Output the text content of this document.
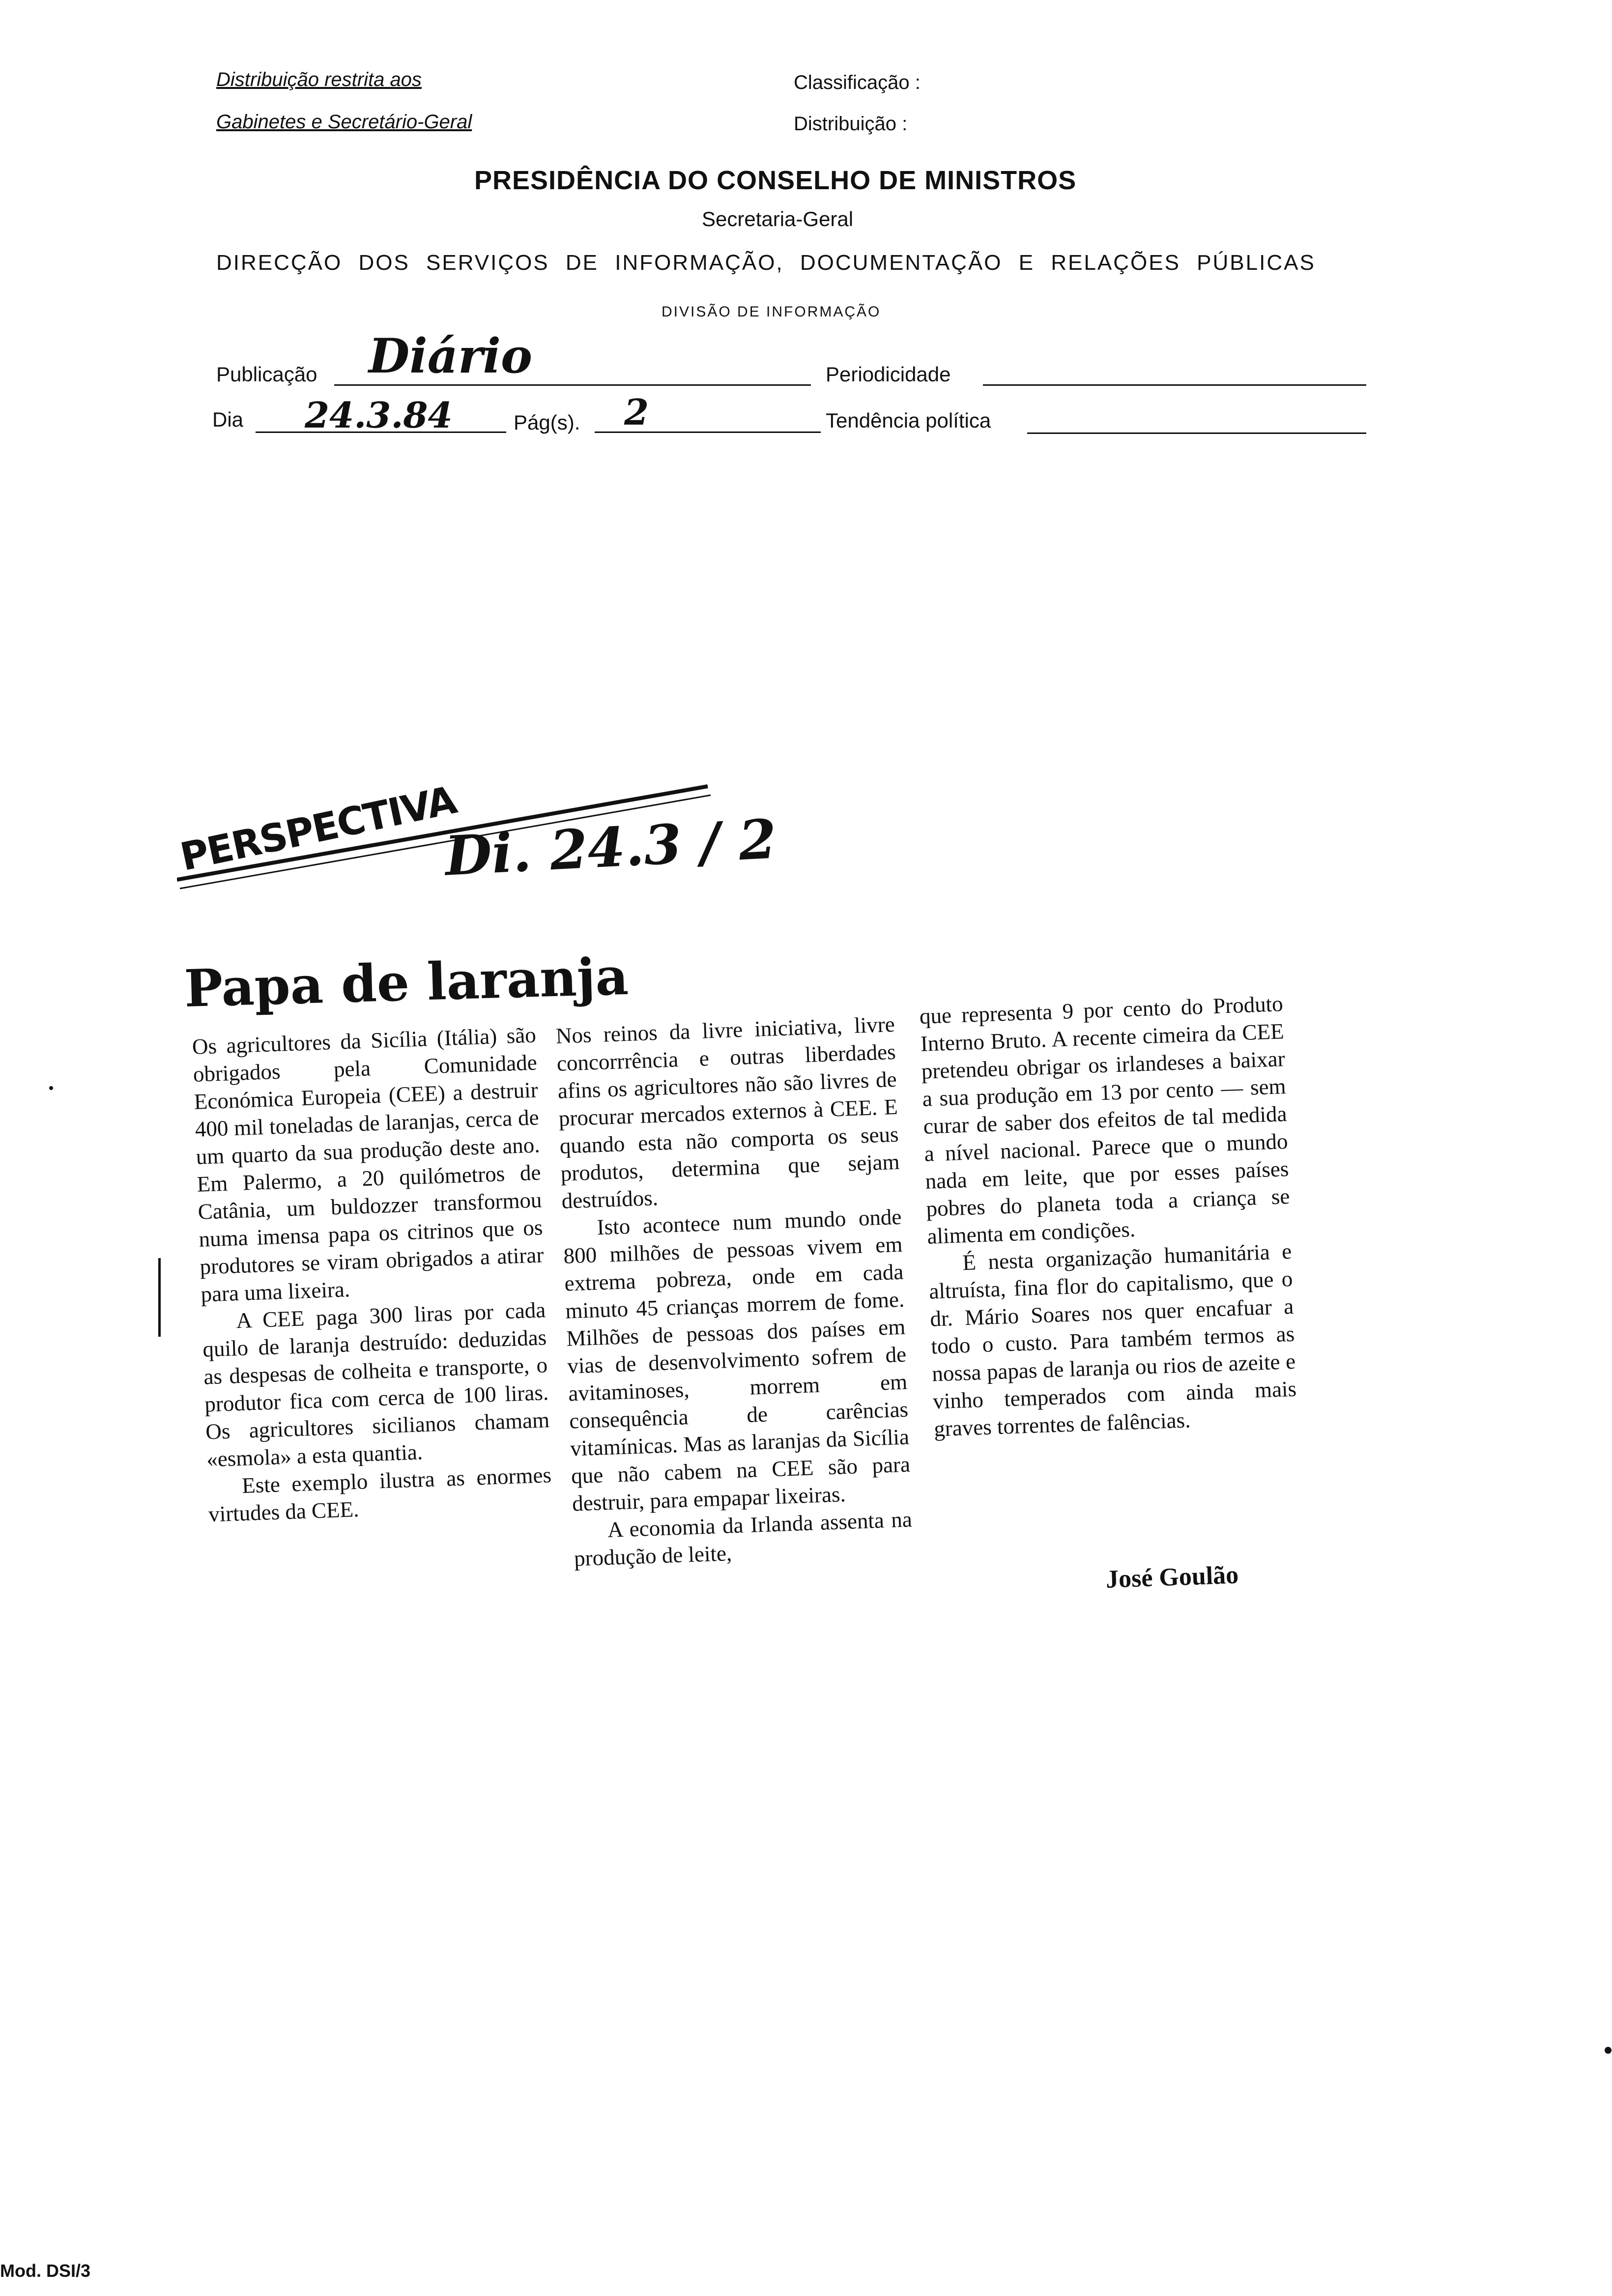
Distribuição restrita aos
Gabinetes e Secretário-Geral
Classificação :
Distribuição :
PRESIDÊNCIA DO CONSELHO DE MINISTROS
Secretaria-Geral
DIRECÇÃO DOS SERVIÇOS DE INFORMAÇÃO, DOCUMENTAÇÃO E RELAÇÕES PÚBLICAS
DIVISÃO DE INFORMAÇÃO
Publicação Diário	Periodicidade
Dia 24.3.84	Pág(s). 2	Tendência política
PERSPECTIVA
Di. 24.3 / 2
Papa de laranja

Os agricultores da Sicília (Itália) são obrigados pela Comunidade Económica Europeia (CEE) a destruir 400 mil toneladas de laranjas, cerca de um quarto da sua produção deste ano. Em Palermo, a 20 quilómetros de Catânia, um buldozzer transformou numa imensa papa os citrinos que os produtores se viram obrigados a atirar para uma lixeira.

A CEE paga 300 liras por cada quilo de laranja destruído: deduzidas as despesas de colheita e transporte, o produtor fica com cerca de 100 liras. Os agricultores sicilianos chamam «esmola» a esta quantia.

Este exemplo ilustra as enormes virtudes da CEE.

Nos reinos da livre iniciativa, livre concorrrência e outras liberdades afins os agricultores não são livres de procurar mercados externos à CEE. E quando esta não comporta os seus produtos, determina que sejam destruídos.

Isto acontece num mundo onde 800 milhões de pessoas vivem em extrema pobreza, onde em cada minuto 45 crianças morrem de fome. Milhões de pessoas dos países em vias de desenvolvimento sofrem de avitaminoses, morrem em consequência de carências vitamínicas. Mas as laranjas da Sicília que não cabem na CEE são para destruir, para empapar lixeiras.

A economia da Irlanda assenta na produção de leite,

que representa 9 por cento do Produto Interno Bruto. A recente cimeira da CEE pretendeu obrigar os irlandeses a baixar a sua produção em 13 por cento — sem curar de saber dos efeitos de tal medida a nível nacional. Parece que o mundo nada em leite, que por esses países pobres do planeta toda a criança se alimenta em condições.

É nesta organização humanitária e altruísta, fina flor do capitalismo, que o dr. Mário Soares nos quer encafuar a todo o custo. Para também termos as nossa papas de laranja ou rios de azeite e vinho temperados com ainda mais graves torrentes de falências.

José Goulão
Mod. DSI/3
